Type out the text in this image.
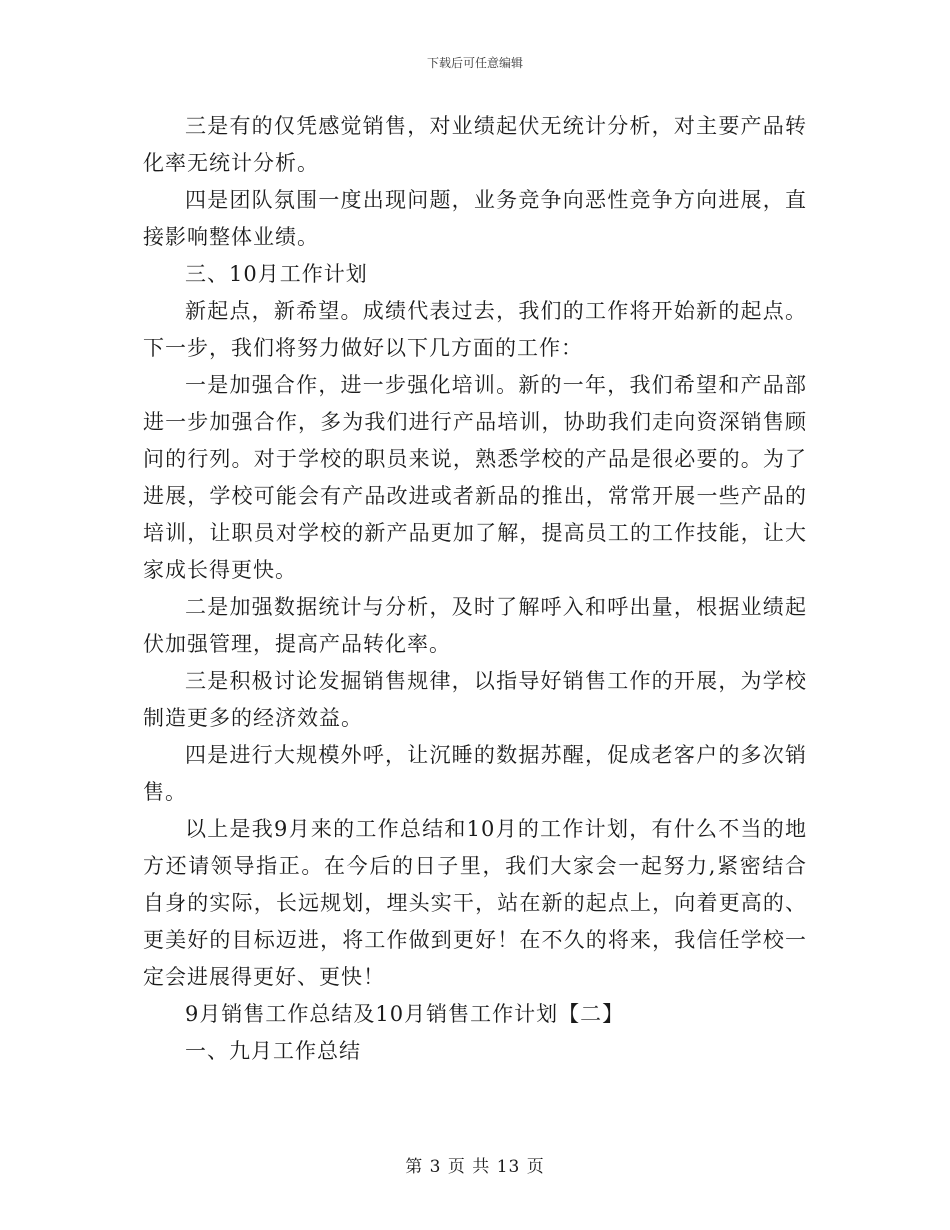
下载后可任意编辑

三是有的仅凭感觉销售，对业绩起伏无统计分析，对主要产品转化率无统计分析。

四是团队氛围一度出现问题，业务竞争向恶性竞争方向进展，直接影响整体业绩。

三、10月工作计划

新起点，新希望。成绩代表过去，我们的工作将开始新的起点。下一步，我们将努力做好以下几方面的工作：

一是加强合作，进一步强化培训。新的一年，我们希望和产品部进一步加强合作，多为我们进行产品培训，协助我们走向资深销售顾问的行列。对于学校的职员来说，熟悉学校的产品是很必要的。为了进展，学校可能会有产品改进或者新品的推出，常常开展一些产品的培训，让职员对学校的新产品更加了解，提高员工的工作技能，让大家成长得更快。

二是加强数据统计与分析，及时了解呼入和呼出量，根据业绩起伏加强管理，提高产品转化率。

三是积极讨论发掘销售规律，以指导好销售工作的开展，为学校制造更多的经济效益。

四是进行大规模外呼，让沉睡的数据苏醒，促成老客户的多次销售。

以上是我9月来的工作总结和10月的工作计划，有什么不当的地方还请领导指正。在今后的日子里，我们大家会一起努力,紧密结合自身的实际，长远规划，埋头实干，站在新的起点上，向着更高的、更美好的目标迈进，将工作做到更好！在不久的将来，我信任学校一定会进展得更好、更快！

9月销售工作总结及10月销售工作计划【二】

一、九月工作总结

第 3 页 共 13 页
